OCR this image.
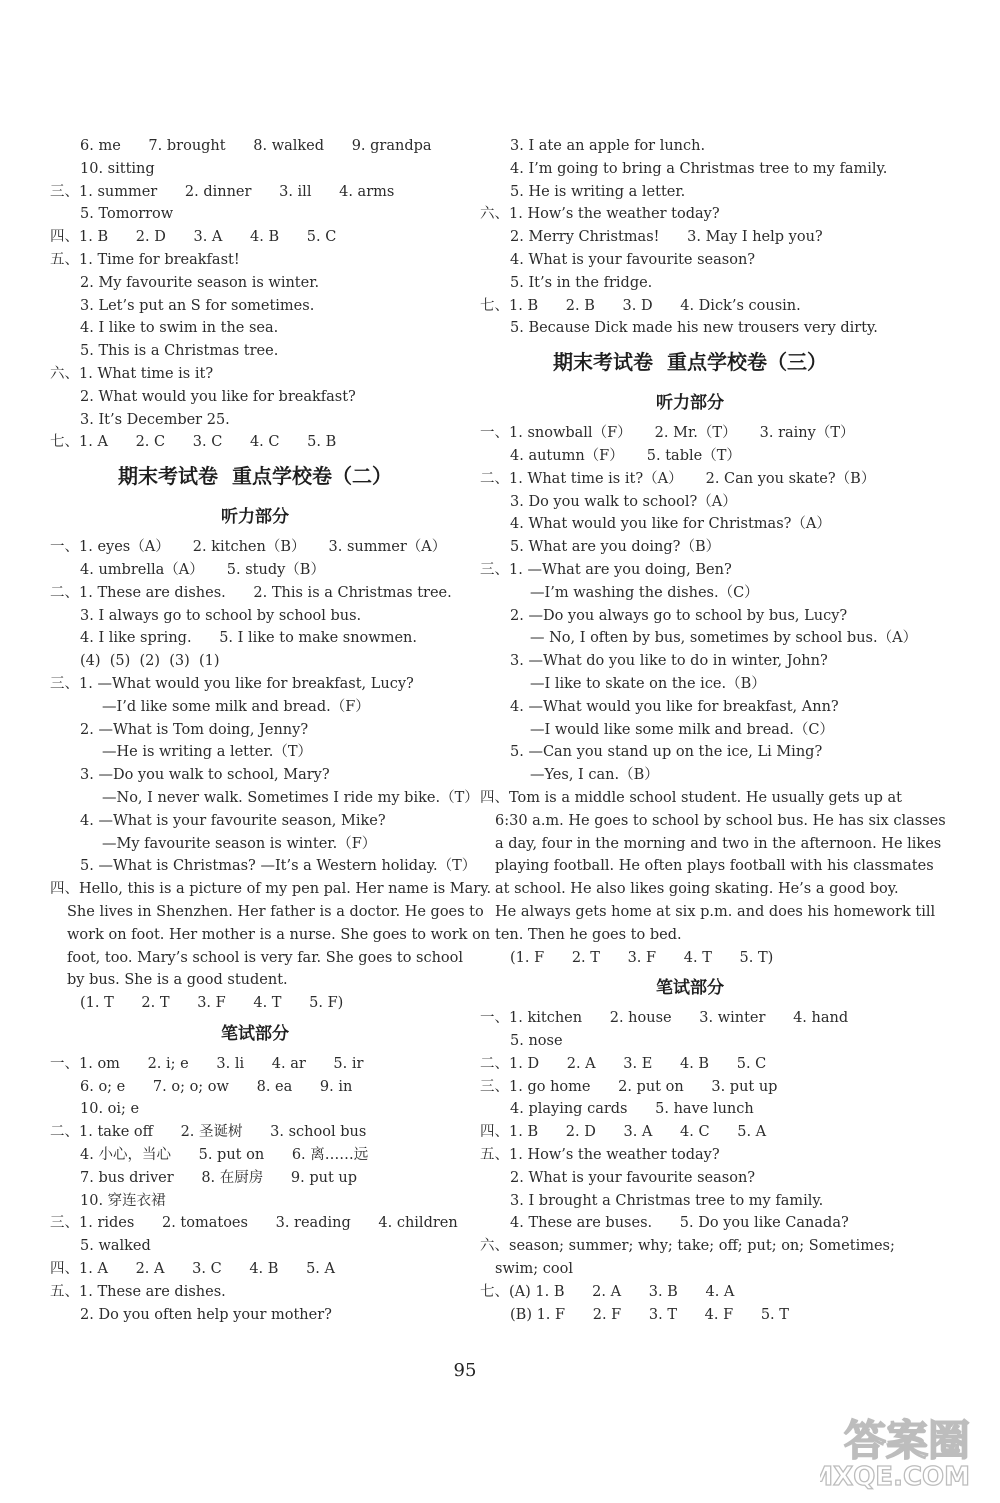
6. me      7. brought      8. walked      9. grandpa
10. sitting
三、1. summer      2. dinner      3. ill      4. arms
5. Tomorrow
四、1. B      2. D      3. A      4. B      5. C
五、1. Time for breakfast!
2. My favourite season is winter.
3. Let’s put an S for sometimes.
4. I like to swim in the sea.
5. This is a Christmas tree.
六、1. What time is it?
2. What would you like for breakfast?
3. It’s December 25.
七、1. A      2. C      3. C      4. C      5. B
期末考试卷  重点学校卷（二）
听力部分
一、1. eyes（A）     2. kitchen（B）     3. summer（A）
4. umbrella（A）     5. study（B）
二、1. These are dishes.      2. This is a Christmas tree.
3. I always go to school by school bus.
4. I like spring.      5. I like to make snowmen.
(4)  (5)  (2)  (3)  (1)
三、1. —What would you like for breakfast, Lucy?
—I’d like some milk and bread.（F）
2. —What is Tom doing, Jenny?
—He is writing a letter.（T）
3. —Do you walk to school, Mary?
—No, I never walk. Sometimes I ride my bike.（T）
4. —What is your favourite season, Mike?
—My favourite season is winter.（F）
5. —What is Christmas? —It’s a Western holiday.（T）
四、Hello, this is a picture of my pen pal. Her name is Mary.
She lives in Shenzhen. Her father is a doctor. He goes to
work on foot. Her mother is a nurse. She goes to work on
foot, too. Mary’s school is very far. She goes to school
by bus. She is a good student.
(1. T      2. T      3. F      4. T      5. F)
笔试部分
一、1. om      2. i; e      3. li      4. ar      5. ir
6. o; e      7. o; o; ow      8. ea      9. in
10. oi; e
二、1. take off      2. 圣诞树      3. school bus
4. 小心，当心      5. put on      6. 离……远
7. bus driver      8. 在厨房      9. put up
10. 穿连衣裙
三、1. rides      2. tomatoes      3. reading      4. children
5. walked
四、1. A      2. A      3. C      4. B      5. A
五、1. These are dishes.
2. Do you often help your mother?
3. I ate an apple for lunch.
4. I’m going to bring a Christmas tree to my family.
5. He is writing a letter.
六、1. How’s the weather today?
2. Merry Christmas!      3. May I help you?
4. What is your favourite season?
5. It’s in the fridge.
七、1. B      2. B      3. D      4. Dick’s cousin.
5. Because Dick made his new trousers very dirty.
期末考试卷  重点学校卷（三）
听力部分
一、1. snowball（F）     2. Mr.（T）     3. rainy（T）
4. autumn（F）     5. table（T）
二、1. What time is it?（A）     2. Can you skate?（B）
3. Do you walk to school?（A）
4. What would you like for Christmas?（A）
5. What are you doing?（B）
三、1. —What are you doing, Ben?
—I’m washing the dishes.（C）
2. —Do you always go to school by bus, Lucy?
— No, I often by bus, sometimes by school bus.（A）
3. —What do you like to do in winter, John?
—I like to skate on the ice.（B）
4. —What would you like for breakfast, Ann?
—I would like some milk and bread.（C）
5. —Can you stand up on the ice, Li Ming?
—Yes, I can.（B）
四、Tom is a middle school student. He usually gets up at
6:30 a.m. He goes to school by school bus. He has six classes
a day, four in the morning and two in the afternoon. He likes
playing football. He often plays football with his classmates
at school. He also likes going skating. He’s a good boy.
He always gets home at six p.m. and does his homework till
ten. Then he goes to bed.
(1. F      2. T      3. F      4. T      5. T)
笔试部分
一、1. kitchen      2. house      3. winter      4. hand
5. nose
二、1. D      2. A      3. E      4. B      5. C
三、1. go home      2. put on      3. put up
4. playing cards      5. have lunch
四、1. B      2. D      3. A      4. C      5. A
五、1. How’s the weather today?
2. What is your favourite season?
3. I brought a Christmas tree to my family.
4. These are buses.      5. Do you like Canada?
六、season; summer; why; take; off; put; on; Sometimes;
swim; cool
七、(A) 1. B      2. A      3. B      4. A
(B) 1. F      2. F      3. T      4. F      5. T
95
答案圈
MXQE.COM
